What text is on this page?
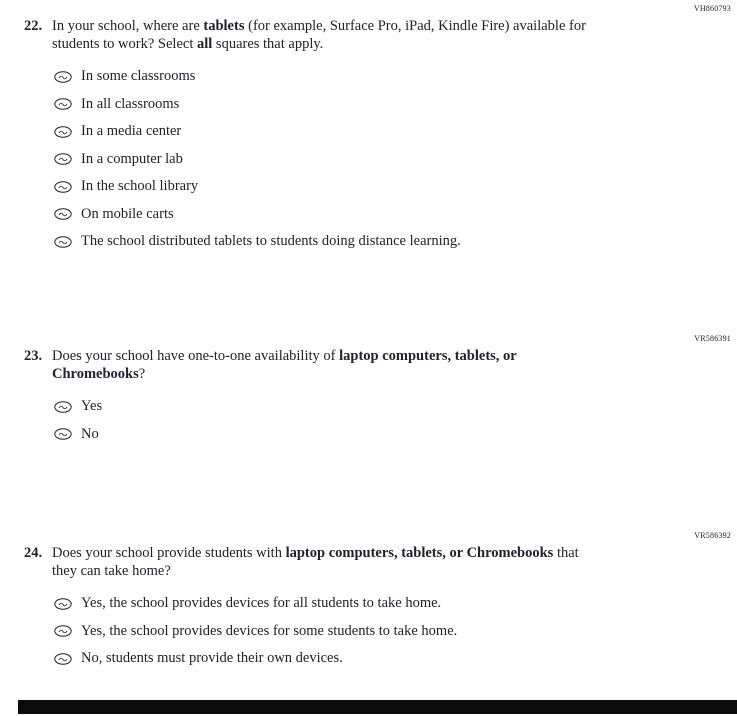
VH860793
22. In your school, where are tablets (for example, Surface Pro, iPad, Kindle Fire) available for students to work? Select all squares that apply.
In some classrooms
In all classrooms
In a media center
In a computer lab
In the school library
On mobile carts
The school distributed tablets to students doing distance learning.
VR586391
23. Does your school have one-to-one availability of laptop computers, tablets, or Chromebooks?
Yes
No
VR586392
24. Does your school provide students with laptop computers, tablets, or Chromebooks that they can take home?
Yes, the school provides devices for all students to take home.
Yes, the school provides devices for some students to take home.
No, students must provide their own devices.
